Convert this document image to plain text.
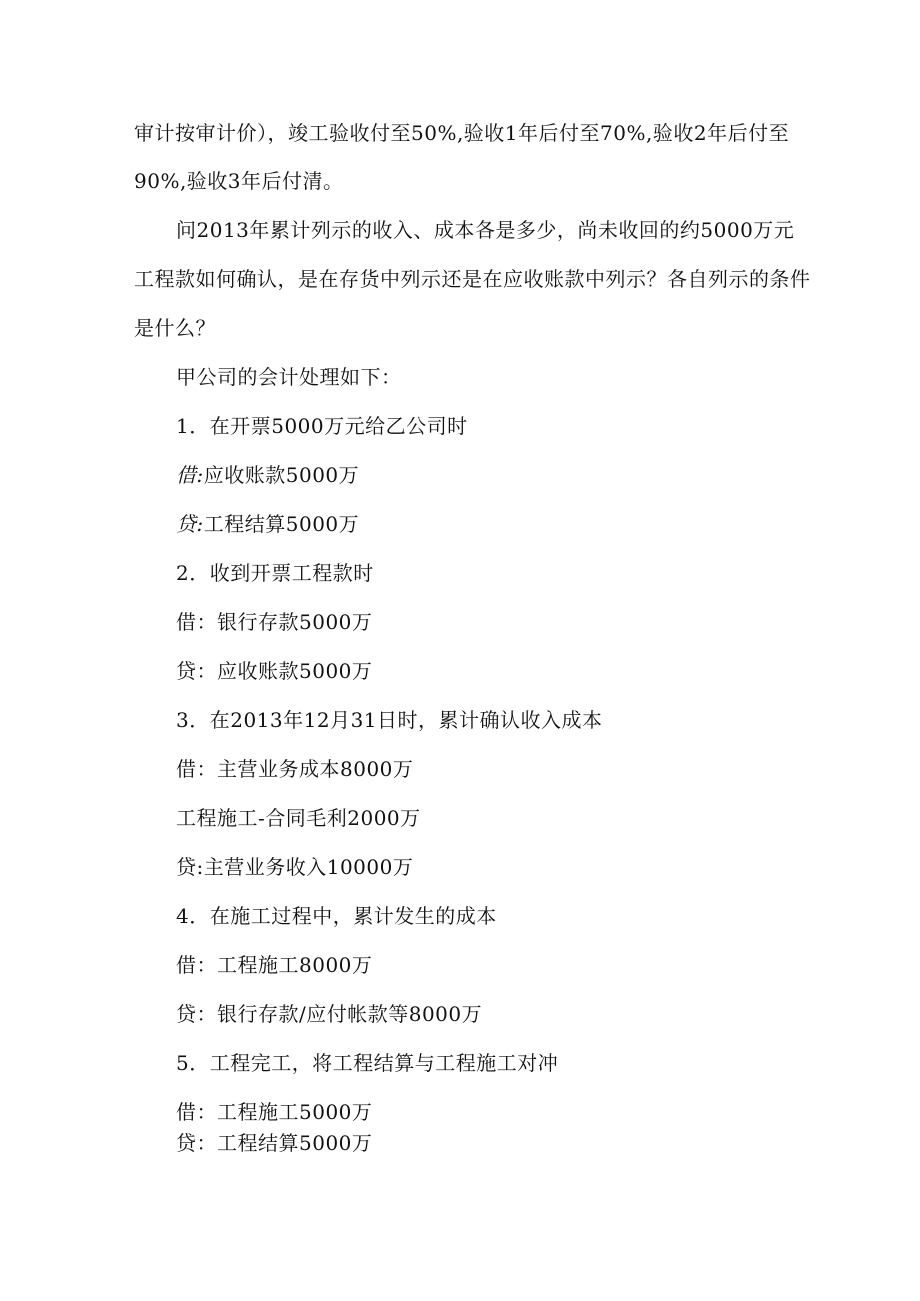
审计按审计价），竣工验收付至50%,验收1年后付至70%,验收2年后付至
90%,验收3年后付清。
问2013年累计列示的收入、成本各是多少，尚未收回的约5000万元
工程款如何确认，是在存货中列示还是在应收账款中列示？各自列示的条件
是什么？
甲公司的会计处理如下：
1．在开票5000万元给乙公司时
借:应收账款5000万
贷:工程结算5000万
2．收到开票工程款时
借：银行存款5000万
贷：应收账款5000万
3．在2013年12月31日时，累计确认收入成本
借：主营业务成本8000万
工程施工-合同毛利2000万
贷:主营业务收入10000万
4．在施工过程中，累计发生的成本
借：工程施工8000万
贷：银行存款/应付帐款等8000万
5．工程完工，将工程结算与工程施工对冲
借：工程施工5000万
贷：工程结算5000万
